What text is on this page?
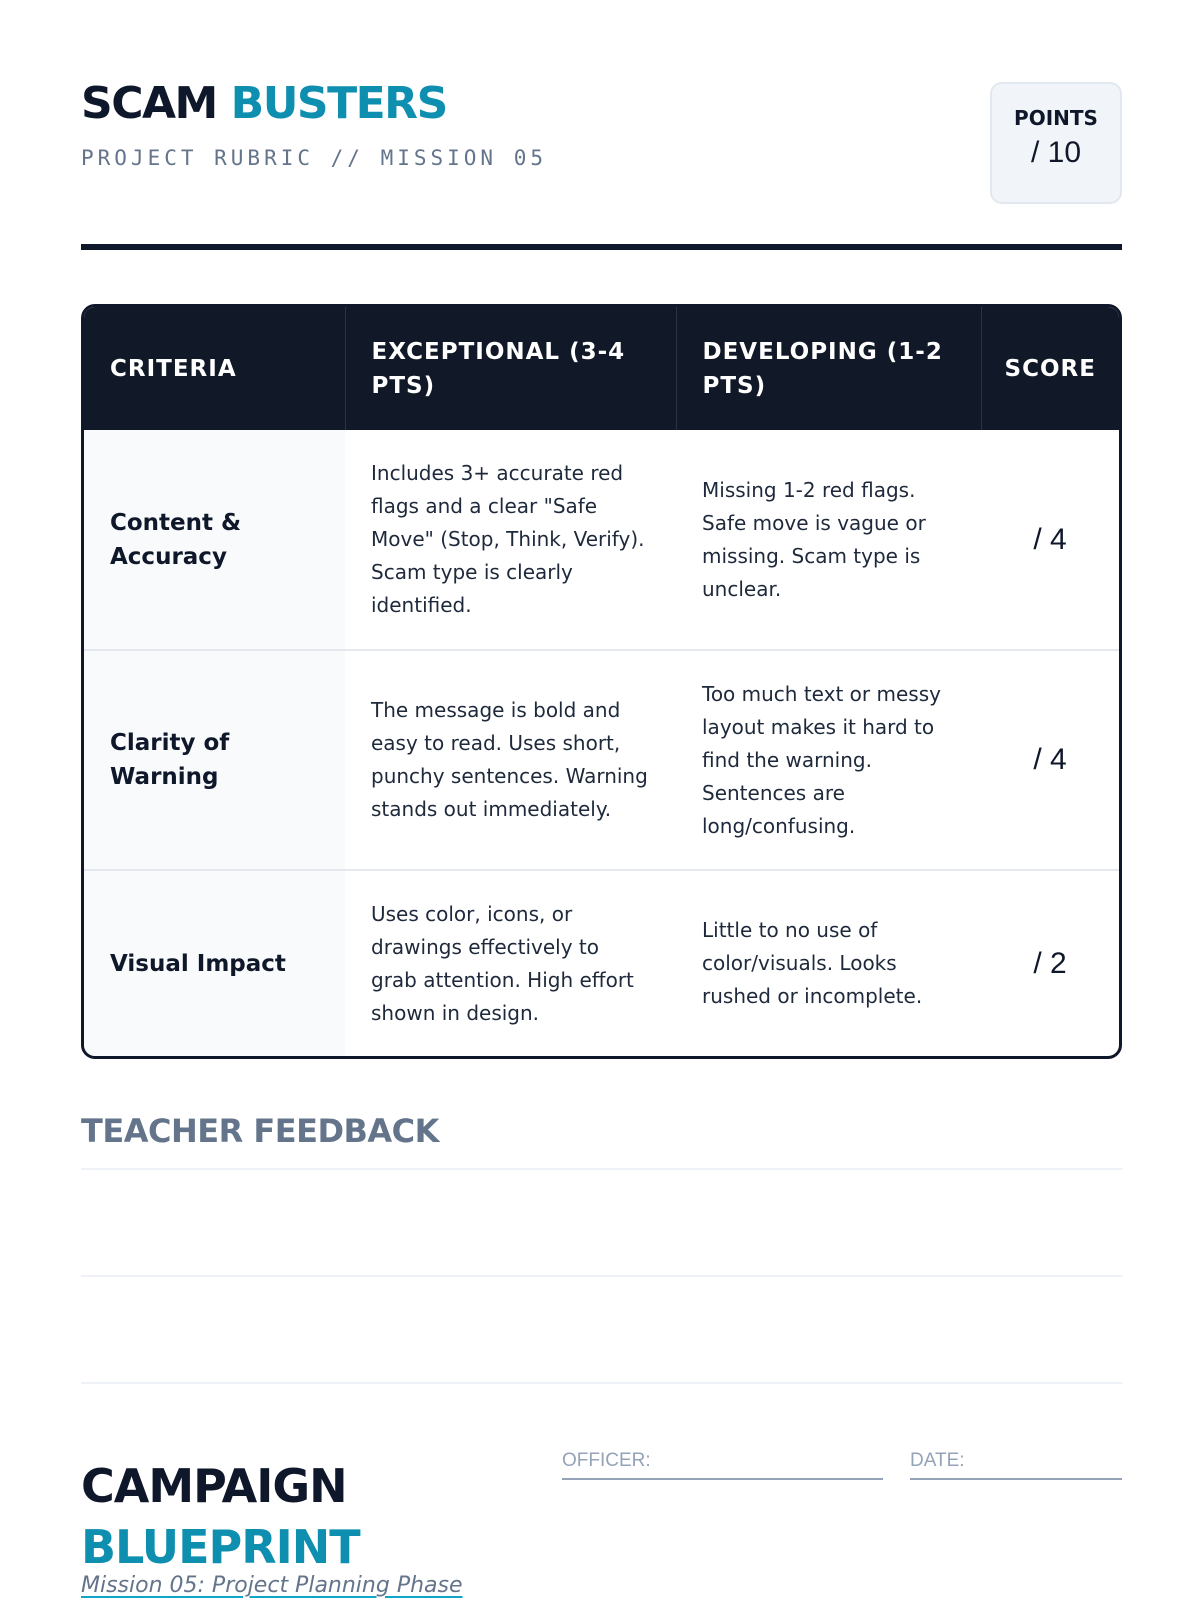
SCAM BUSTERS
PROJECT RUBRIC // MISSION 05
POINTS
/ 10
CRITERIA	EXCEPTIONAL (3-4 PTS)	DEVELOPING (1-2 PTS)	SCORE
Content & Accuracy	Includes 3+ accurate red flags and a clear "Safe Move" (Stop, Think, Verify). Scam type is clearly identified.	Missing 1-2 red flags. Safe move is vague or missing. Scam type is unclear.	/ 4
Clarity of Warning	The message is bold and easy to read. Uses short, punchy sentences. Warning stands out immediately.	Too much text or messy layout makes it hard to find the warning. Sentences are long/confusing.	/ 4
Visual Impact	Uses color, icons, or drawings effectively to grab attention. High effort shown in design.	Little to no use of color/visuals. Looks rushed or incomplete.	/ 2
TEACHER FEEDBACK
CAMPAIGN
BLUEPRINT
Mission 05: Project Planning Phase
OFFICER:	DATE:
